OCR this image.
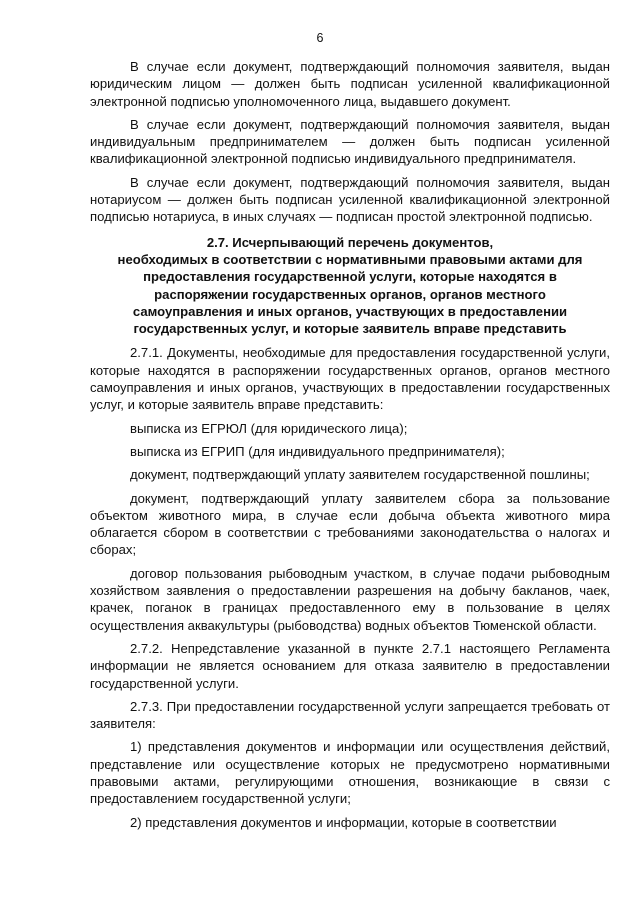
6

В случае если документ, подтверждающий полномочия заявителя, выдан юридическим лицом — должен быть подписан усиленной квалификационной электронной подписью уполномоченного лица, выдавшего документ.

В случае если документ, подтверждающий полномочия заявителя, выдан индивидуальным предпринимателем — должен быть подписан усиленной квалификационной электронной подписью индивидуального предпринимателя.

В случае если документ, подтверждающий полномочия заявителя, выдан нотариусом — должен быть подписан усиленной квалификационной электронной подписью нотариуса, в иных случаях — подписан простой электронной подписью.

2.7. Исчерпывающий перечень документов,
необходимых в соответствии с нормативными правовыми актами для
предоставления государственной услуги, которые находятся в
распоряжении государственных органов, органов местного
самоуправления и иных органов, участвующих в предоставлении
государственных услуг, и которые заявитель вправе представить

2.7.1. Документы, необходимые для предоставления государственной услуги, которые находятся в распоряжении государственных органов, органов местного самоуправления и иных органов, участвующих в предоставлении государственных услуг, и которые заявитель вправе представить:

выписка из ЕГРЮЛ (для юридического лица);

выписка из ЕГРИП (для индивидуального предпринимателя);

документ, подтверждающий уплату заявителем государственной пошлины;

документ, подтверждающий уплату заявителем сбора за пользование объектом животного мира, в случае если добыча объекта животного мира облагается сбором в соответствии с требованиями законодательства о налогах и сборах;

договор пользования рыбоводным участком, в случае подачи рыбоводным хозяйством заявления о предоставлении разрешения на добычу бакланов, чаек, крачек, поганок в границах предоставленного ему в пользование в целях осуществления аквакультуры (рыбоводства) водных объектов Тюменской области.

2.7.2. Непредставление указанной в пункте 2.7.1 настоящего Регламента информации не является основанием для отказа заявителю в предоставлении государственной услуги.

2.7.3. При предоставлении государственной услуги запрещается требовать от заявителя:

1) представления документов и информации или осуществления действий, представление или осуществление которых не предусмотрено нормативными правовыми актами, регулирующими отношения, возникающие в связи с предоставлением государственной услуги;

2) представления документов и информации, которые в соответствии
